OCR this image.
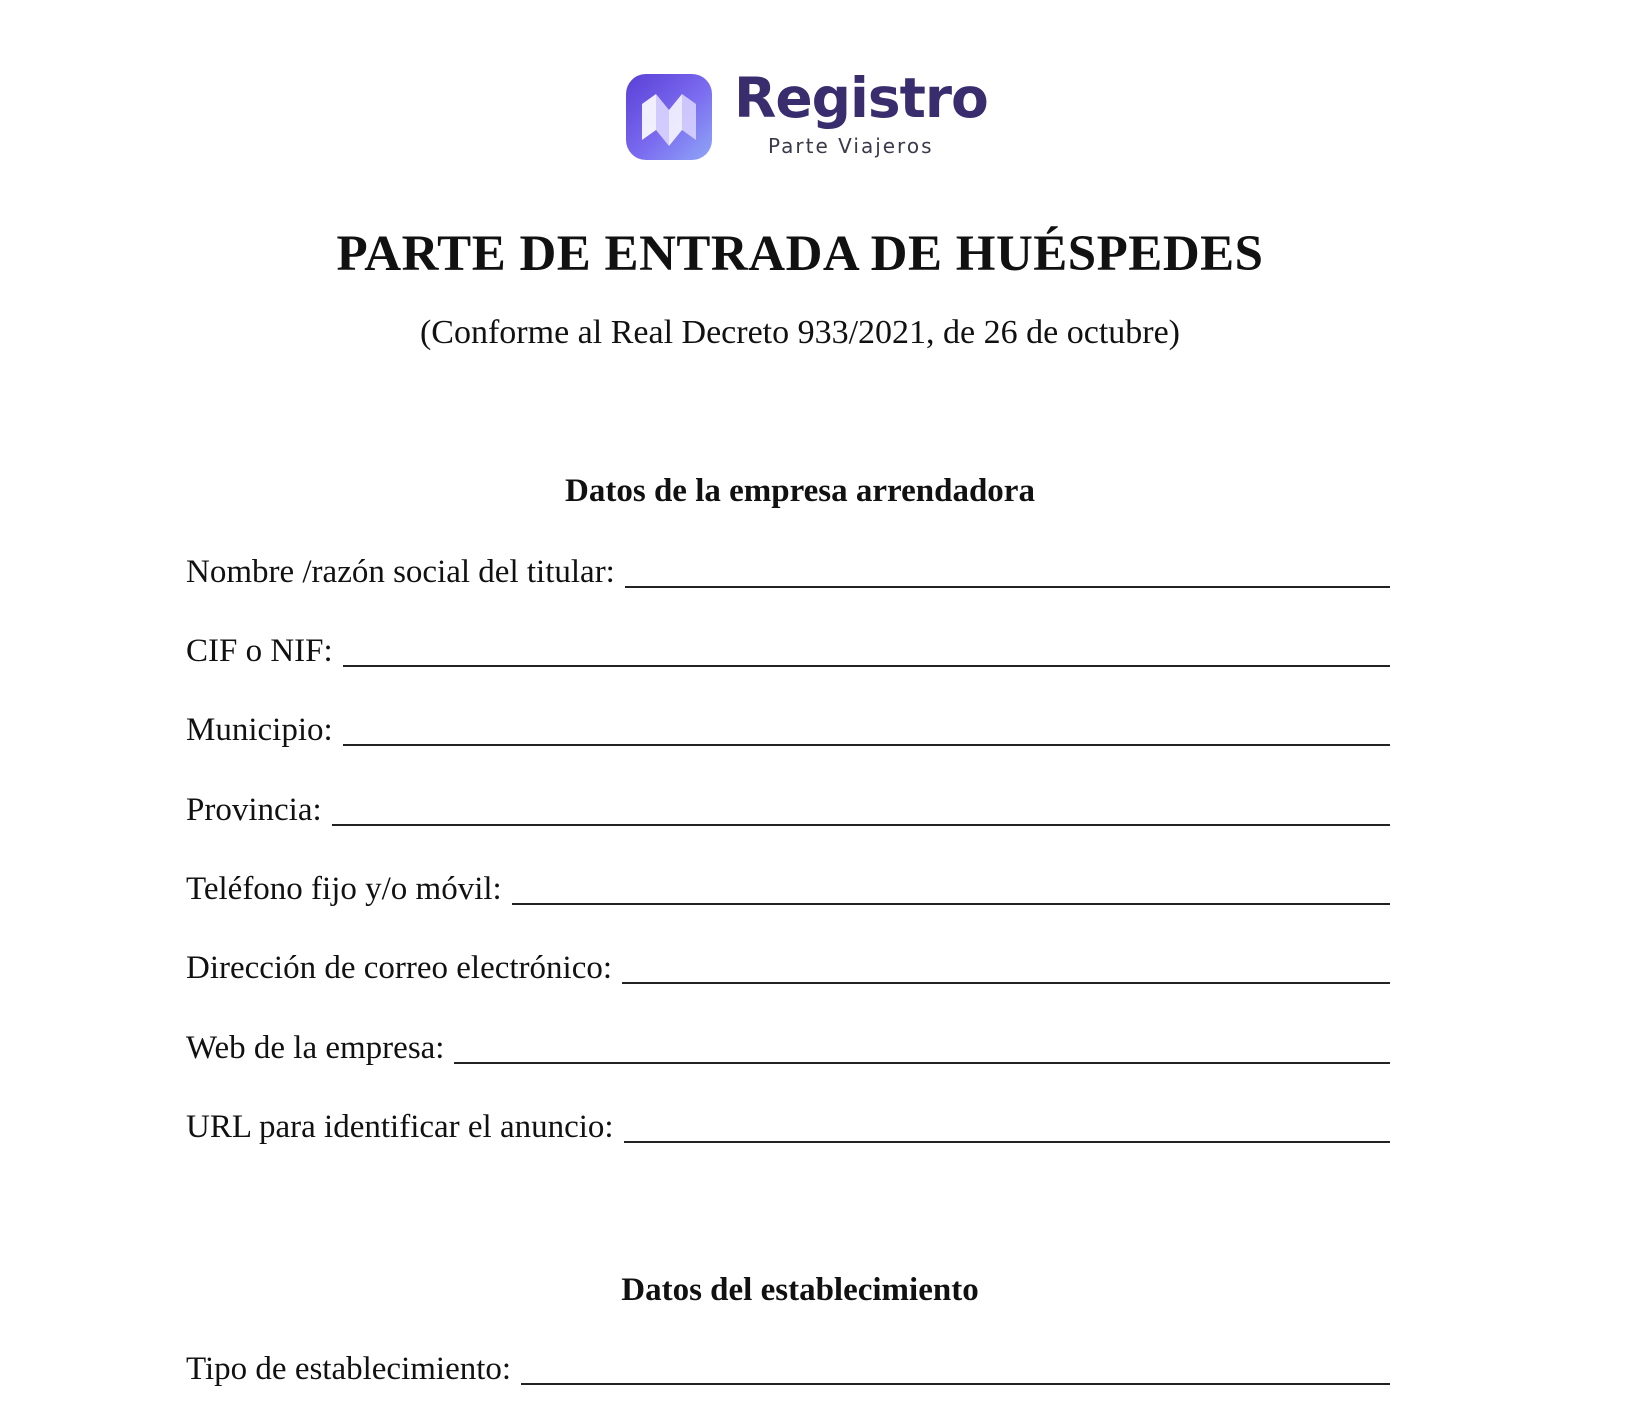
Registro
Parte Viajeros
PARTE DE ENTRADA DE HUÉSPEDES
(Conforme al Real Decreto 933/2021, de 26 de octubre)
Datos de la empresa arrendadora
Nombre /razón social del titular:
CIF o NIF:
Municipio:
Provincia:
Teléfono fijo y/o móvil:
Dirección de correo electrónico:
Web de la empresa:
URL para identificar el anuncio:
Datos del establecimiento
Tipo de establecimiento:
